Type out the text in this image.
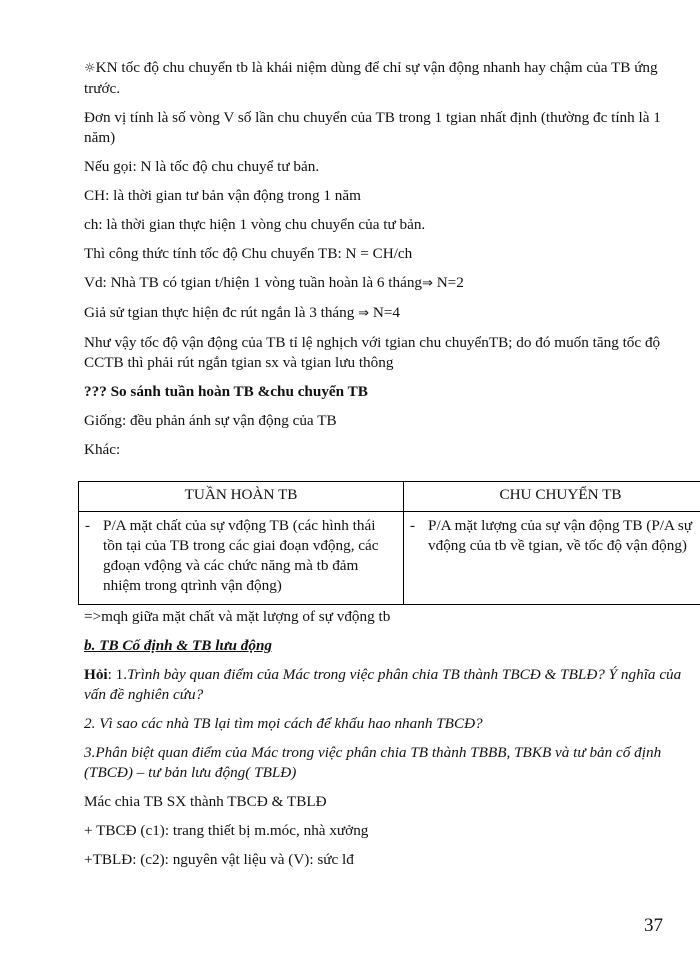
☼KN tốc độ chu chuyển tb là khái niệm dùng để chỉ sự vận động nhanh hay chậm của TB ứng trước.

Đơn vị tính là số vòng V số lần chu chuyển của TB trong 1 tgian nhất định (thường đc tính là 1 năm)

Nếu gọi: N là tốc độ chu chuyể tư bản.

CH: là thời gian tư bản vận động trong 1 năm

ch: là thời gian thực hiện 1 vòng chu chuyển của tư bản.

Thì công thức tính tốc độ Chu chuyển TB: N = CH/ch

Vd: Nhà TB có tgian t/hiện 1 vòng tuần hoàn là 6 tháng⇒ N=2

Giả sử tgian thực hiện đc rút ngắn là 3 tháng ⇒ N=4

Như vậy tốc độ vận động của TB tỉ lệ nghịch với tgian chu chuyểnTB; do đó muốn tăng tốc độ CCTB thì phải rút ngắn tgian sx và tgian lưu thông

??? So sánh tuần hoàn TB &chu chuyển TB

Giống: đều phản ánh sự vận động của TB

Khác:

TUẦN HOÀN TB	CHU CHUYỂN TB

- P/A mặt chất của sự vđộng TB (các hình thái tồn tại của TB trong các giai đoạn vđộng, các gđoạn vđộng và các chức năng mà tb đảm nhiệm trong qtrình vận động)	- P/A mặt lượng của sự vận động TB (P/A sự vđộng của tb về tgian, về tốc độ vận động)

=>mqh giữa mặt chất và mặt lượng of sự vđộng tb

b. TB Cố định & TB lưu động

Hỏi: 1.Trình bày quan điểm của Mác trong việc phân chia TB thành TBCĐ & TBLĐ? Ý nghĩa của vấn đề nghiên cứu?

2. Vì sao các nhà TB lại tìm mọi cách để khấu hao nhanh TBCĐ?

3.Phân biệt quan điểm của Mác trong việc phân chia TB thành TBBB, TBKB và tư bản cố định (TBCĐ) – tư bản lưu động( TBLĐ)

Mác chia TB SX thành TBCĐ & TBLĐ

+ TBCĐ (c1): trang thiết bị m.móc, nhà xưởng

+TBLĐ: (c2): nguyên vật liệu và (V): sức lđ

37
